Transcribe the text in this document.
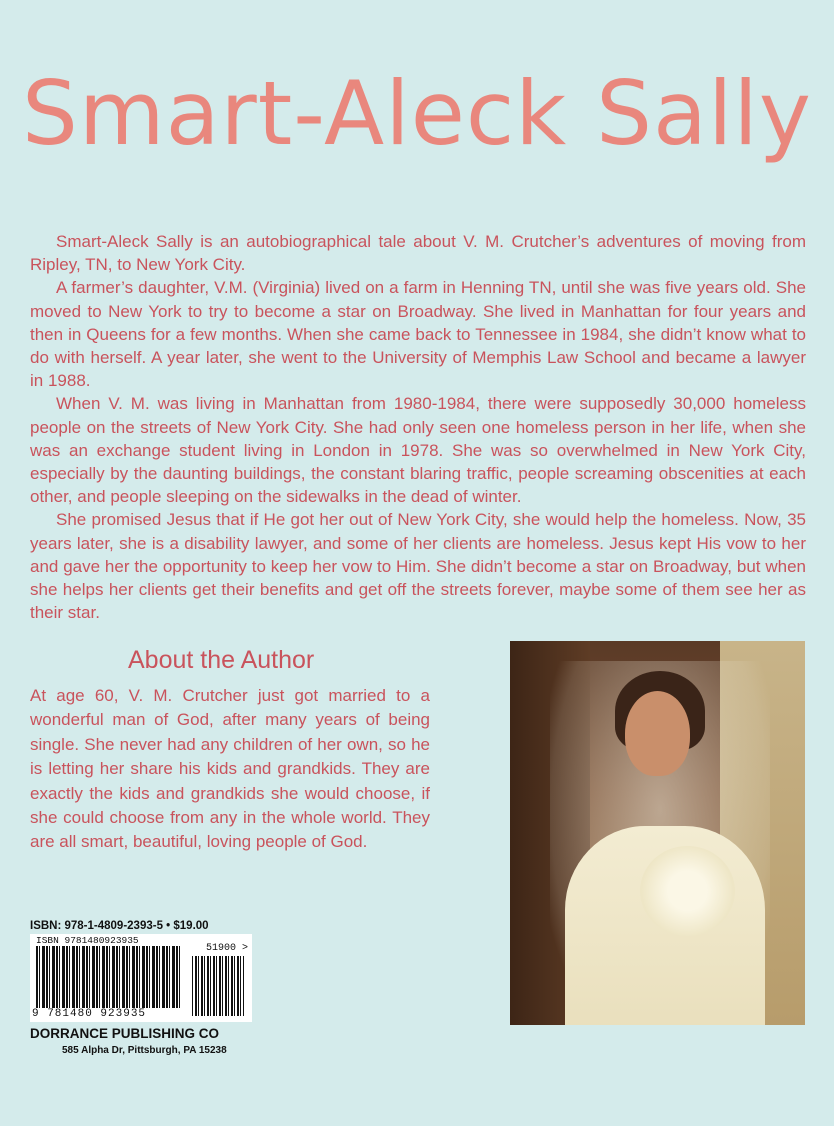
Smart-Aleck Sally

Smart-Aleck Sally is an autobiographical tale about V. M. Crutcher’s adventures of moving from Ripley, TN, to New York City.

A farmer’s daughter, V.M. (Virginia) lived on a farm in Henning TN, until she was five years old. She moved to New York to try to become a star on Broadway. She lived in Manhattan for four years and then in Queens for a few months. When she came back to Tennessee in 1984, she didn’t know what to do with herself. A year later, she went to the University of Memphis Law School and became a lawyer in 1988.

When V. M. was living in Manhattan from 1980-1984, there were supposedly 30,000 homeless people on the streets of New York City. She had only seen one homeless person in her life, when she was an exchange student living in London in 1978. She was so overwhelmed in New York City, especially by the daunting buildings, the constant blaring traffic, people screaming obscenities at each other, and people sleeping on the sidewalks in the dead of winter.

She promised Jesus that if He got her out of New York City, she would help the homeless. Now, 35 years later, she is a disability lawyer, and some of her clients are homeless. Jesus kept His vow to her and gave her the opportunity to keep her vow to Him. She didn’t become a star on Broadway, but when she helps her clients get their benefits and get off the streets forever, maybe some of them see her as their star.

About the Author

At age 60, V. M. Crutcher just got married to a wonderful man of God, after many years of being single. She never had any children of her own, so he is letting her share his kids and grandkids. They are exactly the kids and grandkids she would choose, if she could choose from any in the whole world. They are all smart, beautiful, loving people of God.

ISBN: 978-1-4809-2393-5 • $19.00
ISBN 9781480923935
51900 >
9 781480 923935
DORRANCE PUBLISHING CO
585 Alpha Dr, Pittsburgh, PA 15238
